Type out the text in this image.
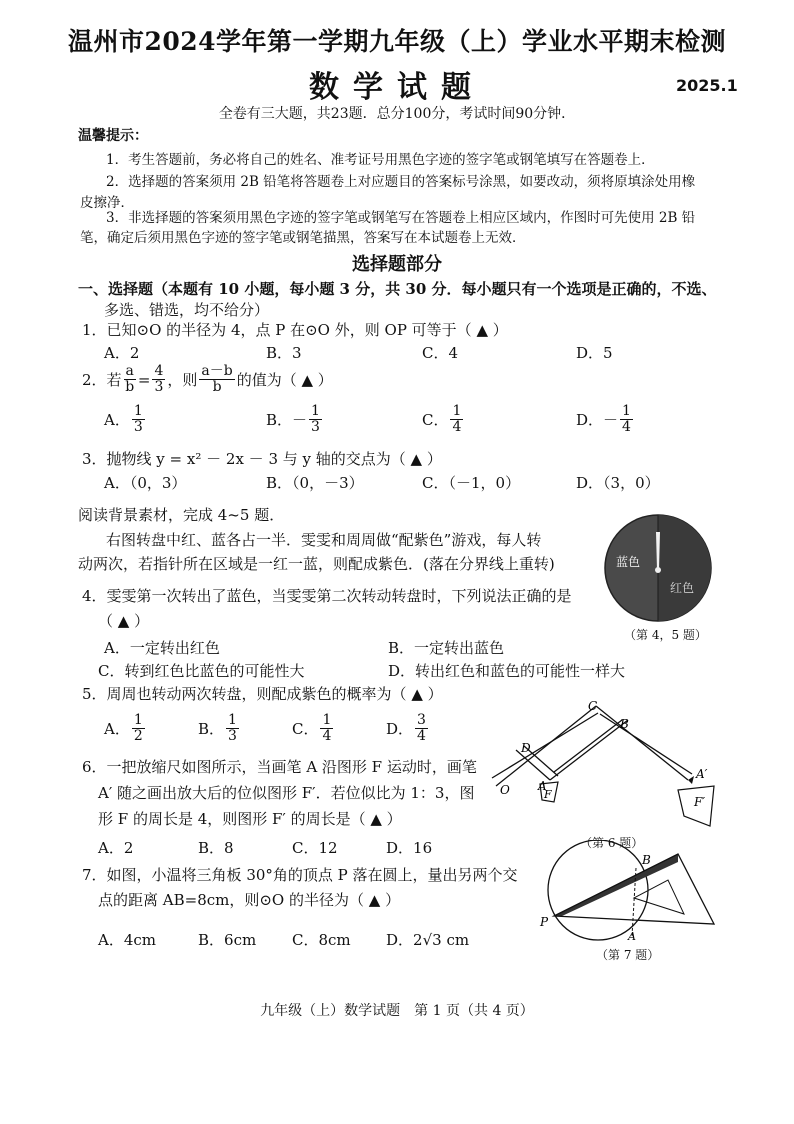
温州市2024学年第一学期九年级（上）学业水平期末检测
数学试题	2025.1
全卷有三大题，共23题．总分100分，考试时间90分钟．
温馨提示：
1．考生答题前，务必将自己的姓名、准考证号用黑色字迹的签字笔或钢笔填写在答题卷上．
2．选择题的答案须用 2B 铅笔将答题卷上对应题目的答案标号涂黑，如要改动，须将原填涂处用橡
皮擦净．
3．非选择题的答案须用黑色字迹的签字笔或钢笔写在答题卷上相应区域内，作图时可先使用 2B 铅
笔，确定后须用黑色字迹的签字笔或钢笔描黑，答案写在本试题卷上无效．
选择题部分
一、选择题（本题有 10 小题，每小题 3 分，共 30 分．每小题只有一个选项是正确的，不选、
多选、错选，均不给分）
1．已知⊙O 的半径为 4，点 P 在⊙O 外，则 OP 可等于（ ▲ ）
A．2	B．3	C．4	D．5
2．若 $\frac{a}{b} = \frac{4}{3}$ ，则 $\frac{a-b}{b}$ 的值为（ ▲ ）
A． $\frac{1}{3}$	B． － $\frac{1}{3}$	C． $\frac{1}{4}$	D． － $\frac{1}{4}$
3．抛物线 y = x² － 2x － 3 与 y 轴的交点为（ ▲ ）
A．（0，3）	B．（0，－3）	C．（－1，0）	D．（3，0）
阅读背景素材，完成 4~5 题．
右图转盘中红、蓝各占一半．雯雯和周周做“配紫色”游戏，每人转
动两次，若指针所在区域是一红一蓝，则配成紫色．(落在分界线上重转)	蓝色
红色
（第 4，5 题）
4．雯雯第一次转出了蓝色，当雯雯第二次转动转盘时，下列说法正确的是
（ ▲ ）
A．一定转出红色	B．一定转出蓝色
C．转到红色比蓝色的可能性大	D．转出红色和蓝色的可能性一样大
5．周周也转动两次转盘，则配成紫色的概率为（ ▲ ）
A． $\frac{1}{2}$	B． $\frac{1}{3}$	C． $\frac{1}{4}$	D． $\frac{3}{4}$
6．一把放缩尺如图所示，当画笔 A 沿图形 F 运动时，画笔
A′ 随之画出放大后的位似图形 F′．若位似比为 1：3，图
形 F 的周长是 4，则图形 F′ 的周长是（ ▲ ）
A．2	B．8	C．12	D．16
O
D
A
F
C
B
A′
F′
（第 6 题）
7．如图，小温将三角板 30°角的顶点 P 落在圆上，量出另两个交
点的距离 AB=8cm，则⊙O 的半径为（ ▲ ）
A．4cm	B．6cm C．8cm D．2√3 cm
P
A
B
（第 7 题）
九年级（上）数学试题　第 1 页（共 4 页）
